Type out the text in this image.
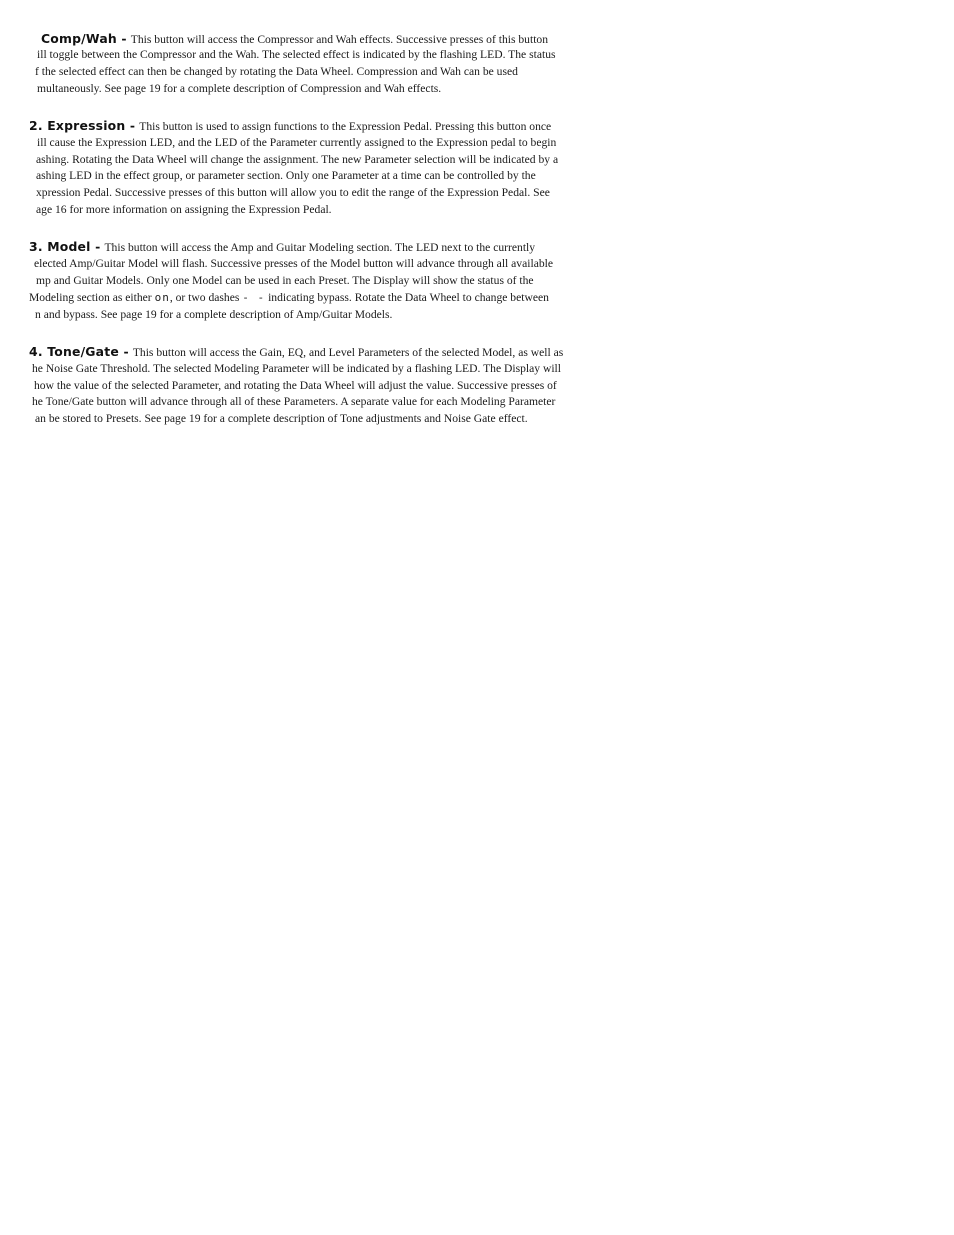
Comp/Wah - This button will access the Compressor and Wah effects. Successive presses of this button
ill toggle between the Compressor and the Wah. The selected effect is indicated by the flashing LED. The status
f the selected effect can then be changed by rotating the Data Wheel. Compression and Wah can be used
multaneously. See page 19 for a complete description of Compression and Wah effects.
2. Expression - This button is used to assign functions to the Expression Pedal. Pressing this button once
ill cause the Expression LED, and the LED of the Parameter currently assigned to the Expression pedal to begin
ashing. Rotating the Data Wheel will change the assignment. The new Parameter selection will be indicated by a
ashing LED in the effect group, or parameter section. Only one Parameter at a time can be controlled by the
xpression Pedal. Successive presses of this button will allow you to edit the range of the Expression Pedal. See
age 16 for more information on assigning the Expression Pedal.
3. Model - This button will access the Amp and Guitar Modeling section. The LED next to the currently
elected Amp/Guitar Model will flash. Successive presses of the Model button will advance through all available
mp and Guitar Models. Only one Model can be used in each Preset. The Display will show the status of the
Modeling section as either on, or two dashes - - indicating bypass. Rotate the Data Wheel to change between
n and bypass. See page 19 for a complete description of Amp/Guitar Models.
4. Tone/Gate - This button will access the Gain, EQ, and Level Parameters of the selected Model, as well as
he Noise Gate Threshold. The selected Modeling Parameter will be indicated by a flashing LED. The Display will
how the value of the selected Parameter, and rotating the Data Wheel will adjust the value. Successive presses of
he Tone/Gate button will advance through all of these Parameters. A separate value for each Modeling Parameter
an be stored to Presets. See page 19 for a complete description of Tone adjustments and Noise Gate effect.
